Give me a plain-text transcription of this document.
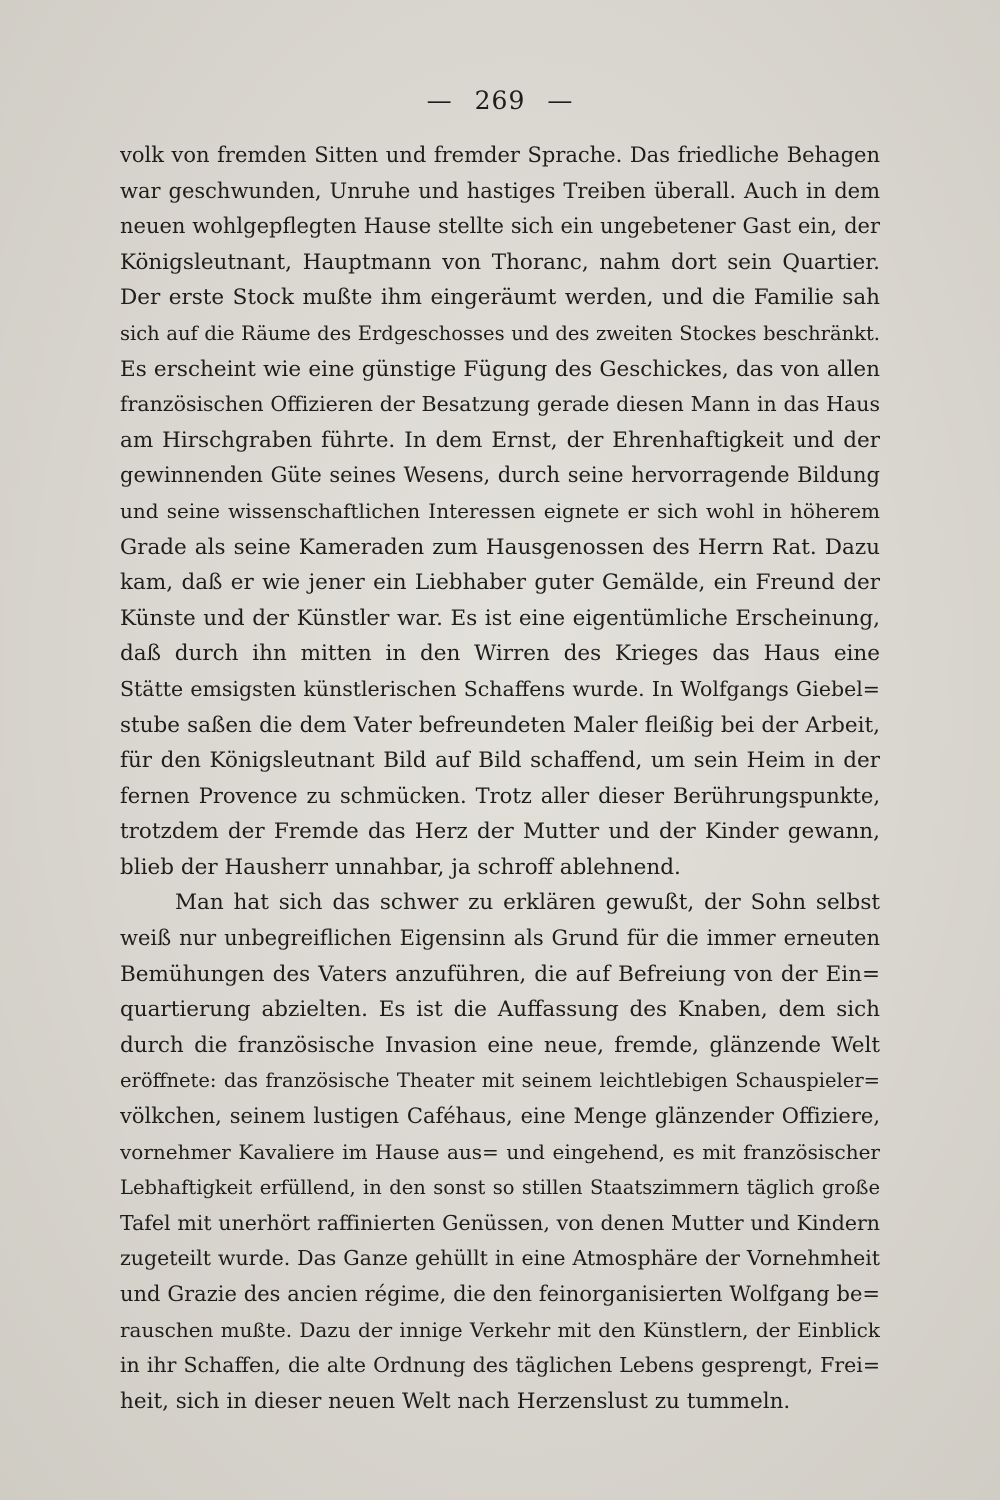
— 269 —
volk von fremden Sitten und fremder Sprache. Das friedliche Behagen
war geschwunden, Unruhe und hastiges Treiben überall. Auch in dem
neuen wohlgepflegten Hause stellte sich ein ungebetener Gast ein, der
Königsleutnant, Hauptmann von Thoranc, nahm dort sein Quartier.
Der erste Stock mußte ihm eingeräumt werden, und die Familie sah
sich auf die Räume des Erdgeschosses und des zweiten Stockes beschränkt.
Es erscheint wie eine günstige Fügung des Geschickes, das von allen
französischen Offizieren der Besatzung gerade diesen Mann in das Haus
am Hirschgraben führte. In dem Ernst, der Ehrenhaftigkeit und der
gewinnenden Güte seines Wesens, durch seine hervorragende Bildung
und seine wissenschaftlichen Interessen eignete er sich wohl in höherem
Grade als seine Kameraden zum Hausgenossen des Herrn Rat. Dazu
kam, daß er wie jener ein Liebhaber guter Gemälde, ein Freund der
Künste und der Künstler war. Es ist eine eigentümliche Erscheinung,
daß durch ihn mitten in den Wirren des Krieges das Haus eine
Stätte emsigsten künstlerischen Schaffens wurde. In Wolfgangs Giebel=
stube saßen die dem Vater befreundeten Maler fleißig bei der Arbeit,
für den Königsleutnant Bild auf Bild schaffend, um sein Heim in der
fernen Provence zu schmücken. Trotz aller dieser Berührungspunkte,
trotzdem der Fremde das Herz der Mutter und der Kinder gewann,
blieb der Hausherr unnahbar, ja schroff ablehnend.
Man hat sich das schwer zu erklären gewußt, der Sohn selbst
weiß nur unbegreiflichen Eigensinn als Grund für die immer erneuten
Bemühungen des Vaters anzuführen, die auf Befreiung von der Ein=
quartierung abzielten. Es ist die Auffassung des Knaben, dem sich
durch die französische Invasion eine neue, fremde, glänzende Welt
eröffnete: das französische Theater mit seinem leichtlebigen Schauspieler=
völkchen, seinem lustigen Caféhaus, eine Menge glänzender Offiziere,
vornehmer Kavaliere im Hause aus= und eingehend, es mit französischer
Lebhaftigkeit erfüllend, in den sonst so stillen Staatszimmern täglich große
Tafel mit unerhört raffinierten Genüssen, von denen Mutter und Kindern
zugeteilt wurde. Das Ganze gehüllt in eine Atmosphäre der Vornehmheit
und Grazie des ancien régime, die den feinorganisierten Wolfgang be=
rauschen mußte. Dazu der innige Verkehr mit den Künstlern, der Einblick
in ihr Schaffen, die alte Ordnung des täglichen Lebens gesprengt, Frei=
heit, sich in dieser neuen Welt nach Herzenslust zu tummeln.
